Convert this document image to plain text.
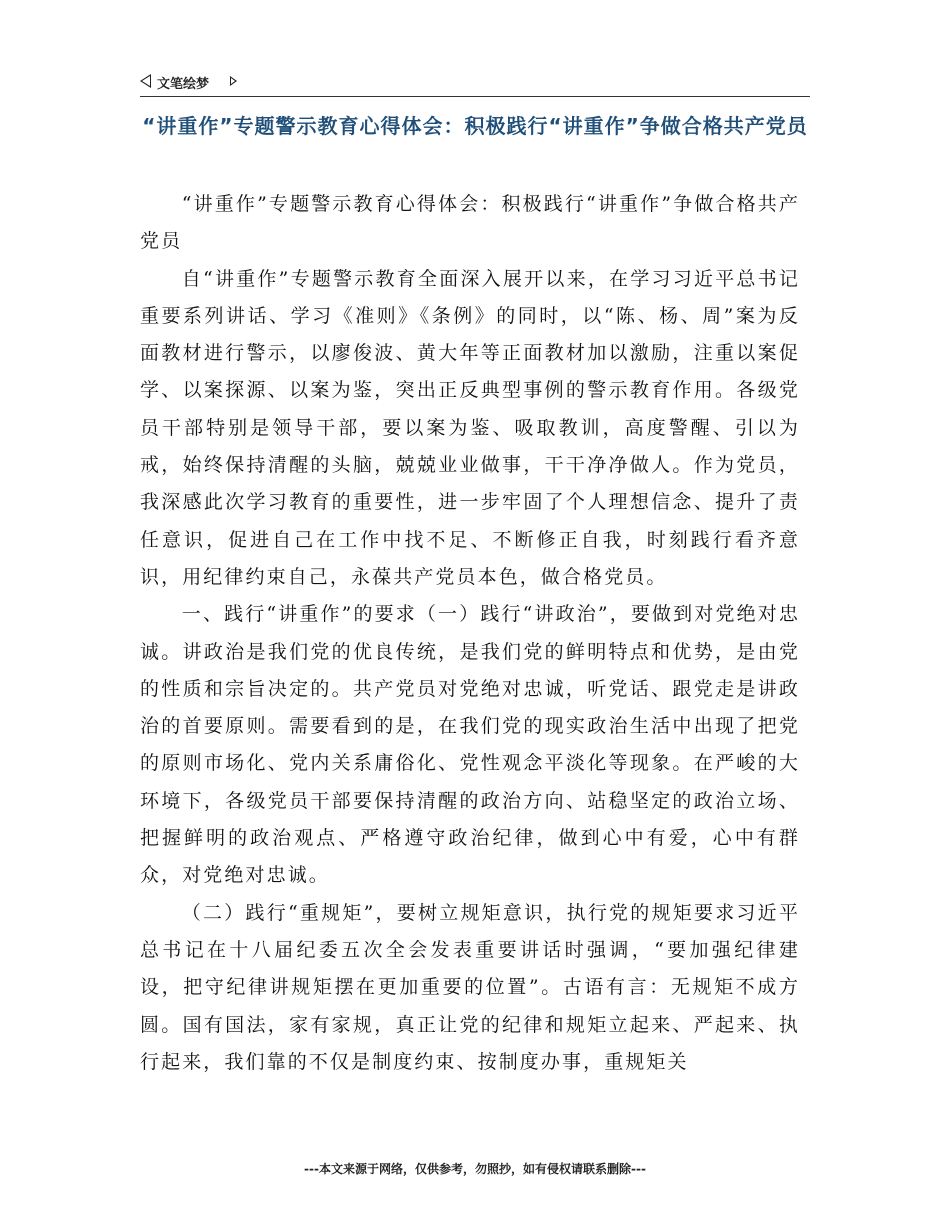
文笔绘梦
“讲重作”专题警示教育心得体会：积极践行“讲重作”争做合格共产党员

“讲重作”专题警示教育心得体会：积极践行“讲重作”争做合格共产党员

自“讲重作”专题警示教育全面深入展开以来，在学习习近平总书记重要系列讲话、学习《准则》《条例》的同时，以“陈、杨、周”案为反面教材进行警示，以廖俊波、黄大年等正面教材加以激励，注重以案促学、以案探源、以案为鉴，突出正反典型事例的警示教育作用。各级党员干部特别是领导干部，要以案为鉴、吸取教训，高度警醒、引以为戒，始终保持清醒的头脑，兢兢业业做事，干干净净做人。作为党员，我深感此次学习教育的重要性，进一步牢固了个人理想信念、提升了责任意识，促进自己在工作中找不足、不断修正自我，时刻践行看齐意识，用纪律约束自己，永葆共产党员本色，做合格党员。

一、践行“讲重作”的要求（一）践行“讲政治”，要做到对党绝对忠诚。讲政治是我们党的优良传统，是我们党的鲜明特点和优势，是由党的性质和宗旨决定的。共产党员对党绝对忠诚，听党话、跟党走是讲政治的首要原则。需要看到的是，在我们党的现实政治生活中出现了把党的原则市场化、党内关系庸俗化、党性观念平淡化等现象。在严峻的大环境下，各级党员干部要保持清醒的政治方向、站稳坚定的政治立场、把握鲜明的政治观点、严格遵守政治纪律，做到心中有爱，心中有群众，对党绝对忠诚。

（二）践行“重规矩”，要树立规矩意识，执行党的规矩要求习近平总书记在十八届纪委五次全会发表重要讲话时强调，“要加强纪律建设，把守纪律讲规矩摆在更加重要的位置”。古语有言：无规矩不成方圆。国有国法，家有家规，真正让党的纪律和规矩立起来、严起来、执行起来，我们靠的不仅是制度约束、按制度办事，重规矩关

---本文来源于网络，仅供参考，勿照抄，如有侵权请联系删除---
